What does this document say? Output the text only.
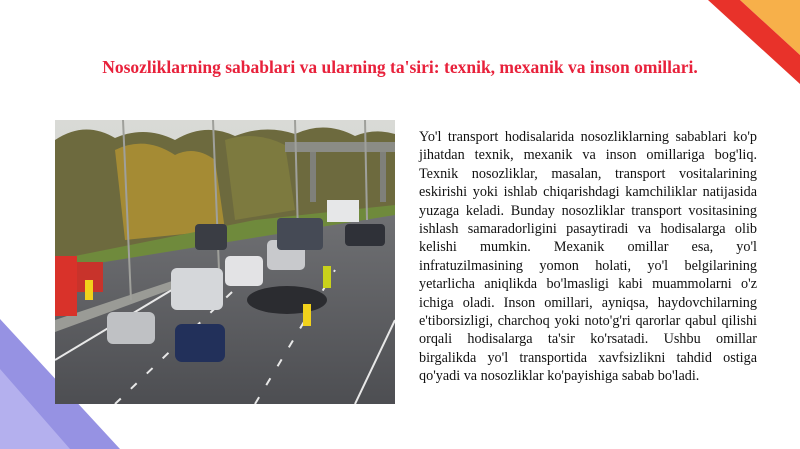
Nosozliklarning sabablari va ularning ta'siri: texnik, mexanik va inson omillari.

Yo'l transport hodisalarida nosozliklarning sabablari ko'p jihatdan texnik, mexanik va inson omillariga bog'liq. Texnik nosozliklar, masalan, transport vositalarining eskirishi yoki ishlab chiqarishdagi kamchiliklar natijasida yuzaga keladi. Bunday nosozliklar transport vositasining ishlash samaradorligini pasaytiradi va hodisalarga olib kelishi mumkin. Mexanik omillar esa, yo'l infratuzilmasining yomon holati, yo'l belgilarining yetarlicha aniqlikda bo'lmasligi kabi muammolarni o'z ichiga oladi. Inson omillari, ayniqsa, haydovchilarning e'tiborsizligi, charchoq yoki noto'g'ri qarorlar qabul qilishi orqali hodisalarga ta'sir ko'rsatadi. Ushbu omillar birgalikda yo'l transportida xavfsizlikni tahdid ostiga qo'yadi va nosozliklar ko'payishiga sabab bo'ladi.
